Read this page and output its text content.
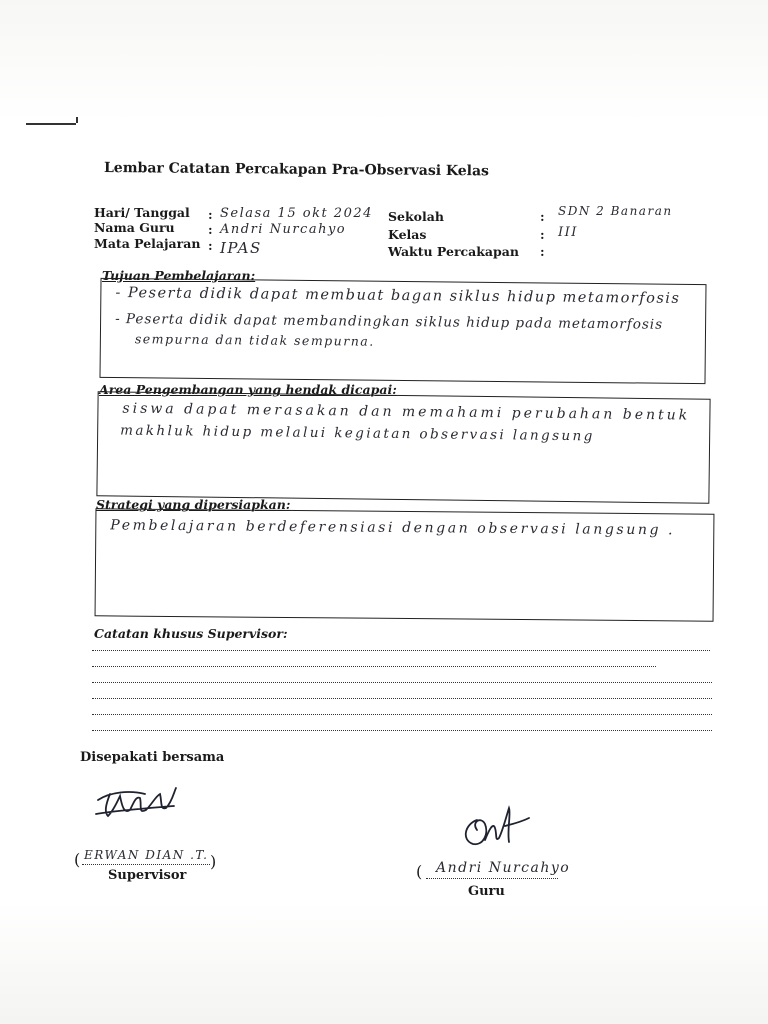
Lembar Catatan Percakapan Pra-Observasi Kelas
Hari/ Tanggal
Nama Guru
Mata Pelajaran
:
:
:
Selasa 15 okt 2024
Andri Nurcahyo
IPAS
Sekolah
Kelas
Waktu Percakapan
:
:
:
SDN 2 Banaran
III
Tujuan Pembelajaran:
- Peserta didik dapat membuat bagan siklus hidup metamorfosis
- Peserta didik dapat membandingkan siklus hidup pada metamorfosis
sempurna dan tidak sempurna.
Area Pengembangan yang hendak dicapai:
siswa dapat merasakan dan memahami perubahan bentuk
makhluk hidup melalui kegiatan observasi langsung
Strategi yang dipersiapkan:
Pembelajaran berdeferensiasi dengan observasi langsung .
Catatan khusus Supervisor:
Disepakati bersama
( ERWAN DIAN .T. )
Supervisor	( Andri Nurcahyo
Guru
